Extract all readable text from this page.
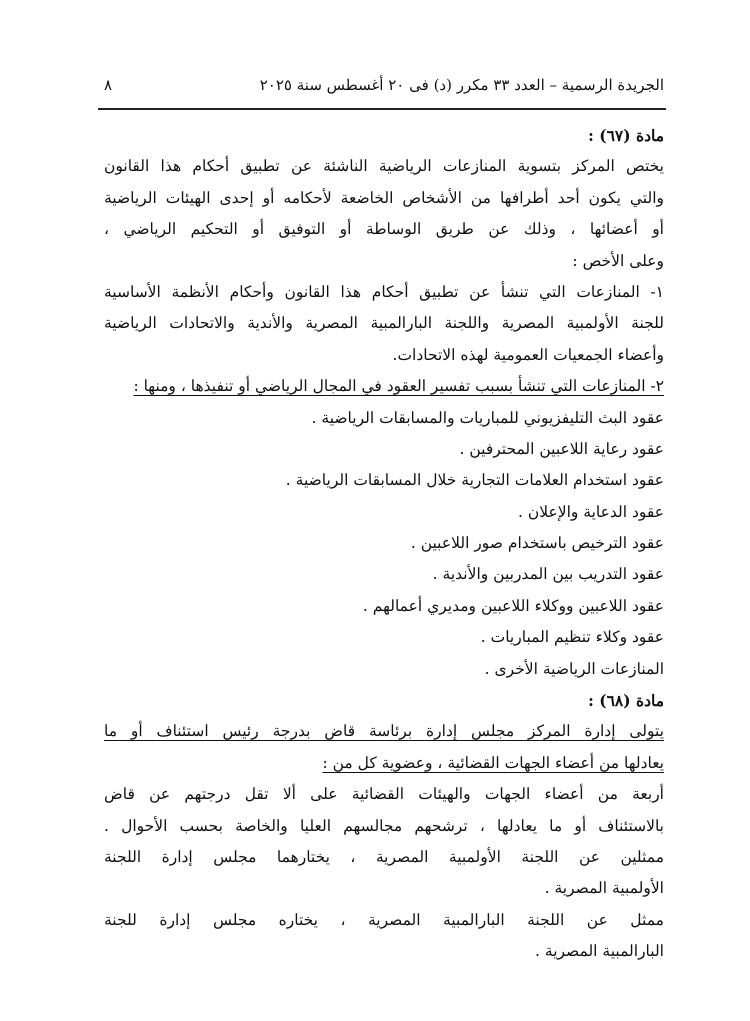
٨	الجريدة الرسمية – العدد ٣٣ مكرر (د) فى ٢٠ أغسطس سنة ٢٠٢٥
مادة (٦٧) :
يختص المركز بتسوية المنازعات الرياضية الناشئة عن تطبيق أحكام هذا القانون
والتي يكون أحد أطرافها من الأشخاص الخاضعة لأحكامه أو إحدى الهيئات الرياضية
أو أعضائها ، وذلك عن طريق الوساطة أو التوفيق أو التحكيم الرياضي ،
وعلى الأخص :
١- المنازعات التي تنشأ عن تطبيق أحكام هذا القانون وأحكام الأنظمة الأساسية
للجنة الأولمبية المصرية واللجنة البارالمبية المصرية والأندية والاتحادات الرياضية
وأعضاء الجمعيات العمومية لهذه الاتحادات.
٢- المنازعات التي تنشأ بسبب تفسير العقود في المجال الرياضي أو تنفيذها ، ومنها :
عقود البث التليفزيوني للمباريات والمسابقات الرياضية .
عقود رعاية اللاعبين المحترفين .
عقود استخدام العلامات التجارية خلال المسابقات الرياضية .
عقود الدعاية والإعلان .
عقود الترخيص باستخدام صور اللاعبين .
عقود التدريب بين المدربين والأندية .
عقود اللاعبين ووكلاء اللاعبين ومديري أعمالهم .
عقود وكلاء تنظيم المباريات .
المنازعات الرياضية الأخرى .
مادة (٦٨) :
يتولى إدارة المركز مجلس إدارة برئاسة قاض بدرجة رئيس استئناف أو ما
يعادلها من أعضاء الجهات القضائية ، وعضوية كل من :
أربعة من أعضاء الجهات والهيئات القضائية على ألا تقل درجتهم عن قاض
بالاستئناف أو ما يعادلها ، ترشحهم مجالسهم العليا والخاصة بحسب الأحوال .
ممثلين عن اللجنة الأولمبية المصرية ، يختارهما مجلس إدارة اللجنة
الأولمبية المصرية .
ممثل عن اللجنة البارالمبية المصرية ، يختاره مجلس إدارة للجنة
البارالمبية المصرية .
